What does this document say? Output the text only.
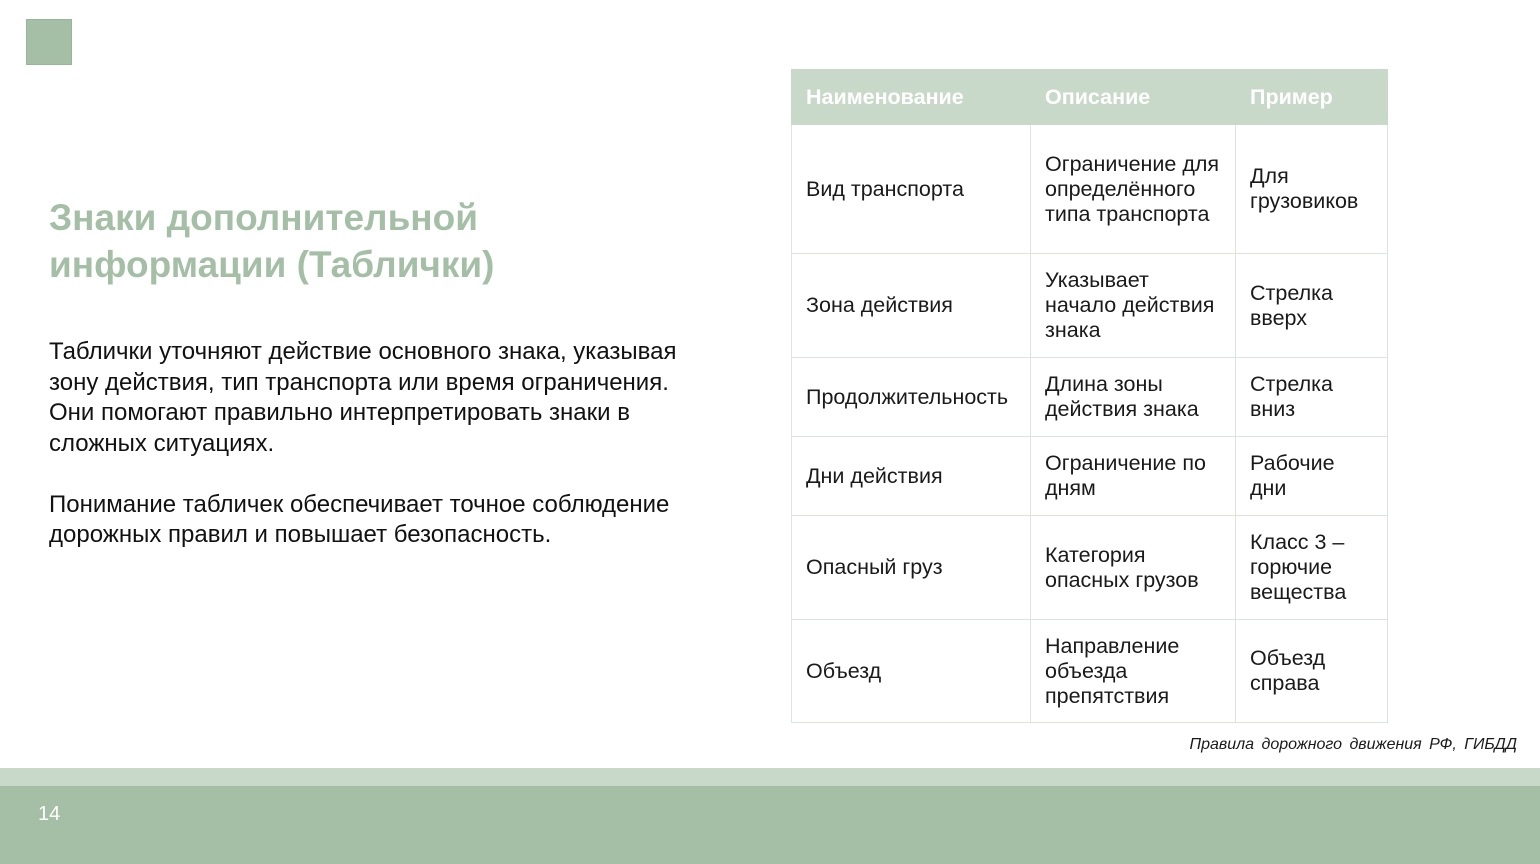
Знаки дополнительной
информации (Таблички)

Таблички уточняют действие основного знака, указывая зону действия, тип транспорта или время ограничения. Они помогают правильно интерпретировать знаки в сложных ситуациях.

Понимание табличек обеспечивает точное соблюдение дорожных правил и повышает безопасность.

Наименование	Описание	Пример
Вид транспорта	Ограничение для определённого типа транспорта	Для грузовиков
Зона действия	Указывает начало действия знака	Стрелка вверх
Продолжительность	Длина зоны действия знака	Стрелка вниз
Дни действия	Ограничение по дням	Рабочие дни
Опасный груз	Категория опасных грузов	Класс 3 – горючие вещества
Объезд	Направление объезда препятствия	Объезд справа
Правила дорожного движения РФ, ГИБДД
14
